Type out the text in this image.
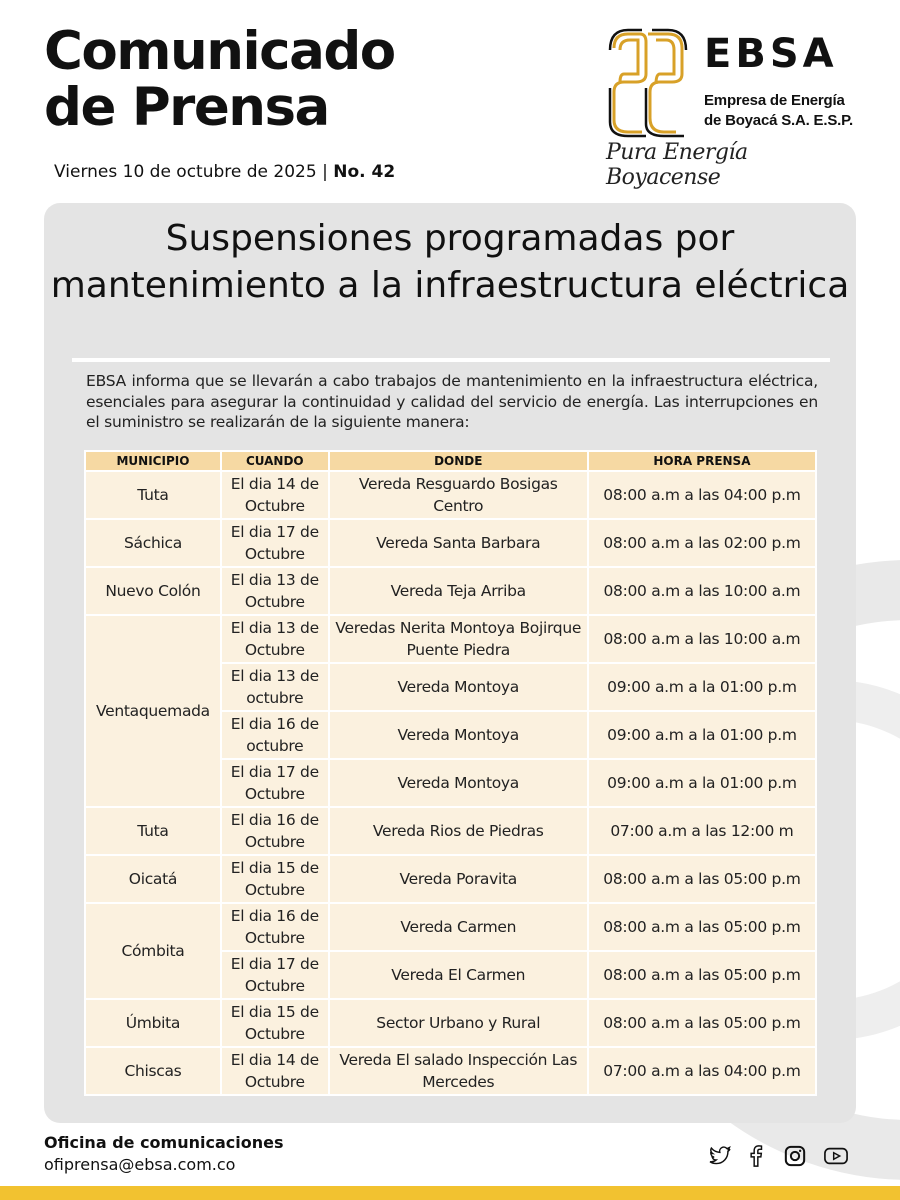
Comunicado
de Prensa
Viernes 10 de octubre de 2025 | No. 42
EBSA
Empresa de Energía
de Boyacá S.A. E.S.P.
Pura Energía Boyacense
Suspensiones programadas por mantenimiento a la infraestructura eléctrica
EBSA informa que se llevarán a cabo trabajos de mantenimiento en la infraestructura eléctrica, esenciales para asegurar la continuidad y calidad del servicio de energía. Las interrupciones en el suministro se realizarán de la siguiente manera:
MUNICIPIO	CUANDO	DONDE	HORA PRENSA
Tuta	El dia 14 de Octubre	Vereda Resguardo Bosigas Centro	08:00 a.m a las 04:00 p.m
Sáchica	El dia 17 de Octubre	Vereda Santa Barbara	08:00 a.m a las 02:00 p.m
Nuevo Colón	El dia 13 de Octubre	Vereda Teja Arriba	08:00 a.m a las 10:00 a.m
Ventaquemada	El dia 13 de Octubre	Veredas Nerita Montoya Bojirque Puente Piedra	08:00 a.m a las 10:00 a.m
	El dia 13 de octubre	Vereda Montoya	09:00 a.m a la 01:00 p.m
	El dia 16 de octubre	Vereda Montoya	09:00 a.m a la 01:00 p.m
	El dia 17 de Octubre	Vereda Montoya	09:00 a.m a la 01:00 p.m
Tuta	El dia 16 de Octubre	Vereda Rios de Piedras	07:00 a.m a las 12:00 m
Oicatá	El dia 15 de Octubre	Vereda Poravita	08:00 a.m a las 05:00 p.m
Cómbita	El dia 16 de Octubre	Vereda Carmen	08:00 a.m a las 05:00 p.m
	El dia 17 de Octubre	Vereda El Carmen	08:00 a.m a las 05:00 p.m
Úmbita	El dia 15 de Octubre	Sector Urbano y Rural	08:00 a.m a las 05:00 p.m
Chiscas	El dia 14 de Octubre	Vereda El salado Inspección Las Mercedes	07:00 a.m a las 04:00 p.m
Oficina de comunicaciones
ofiprensa@ebsa.com.co
